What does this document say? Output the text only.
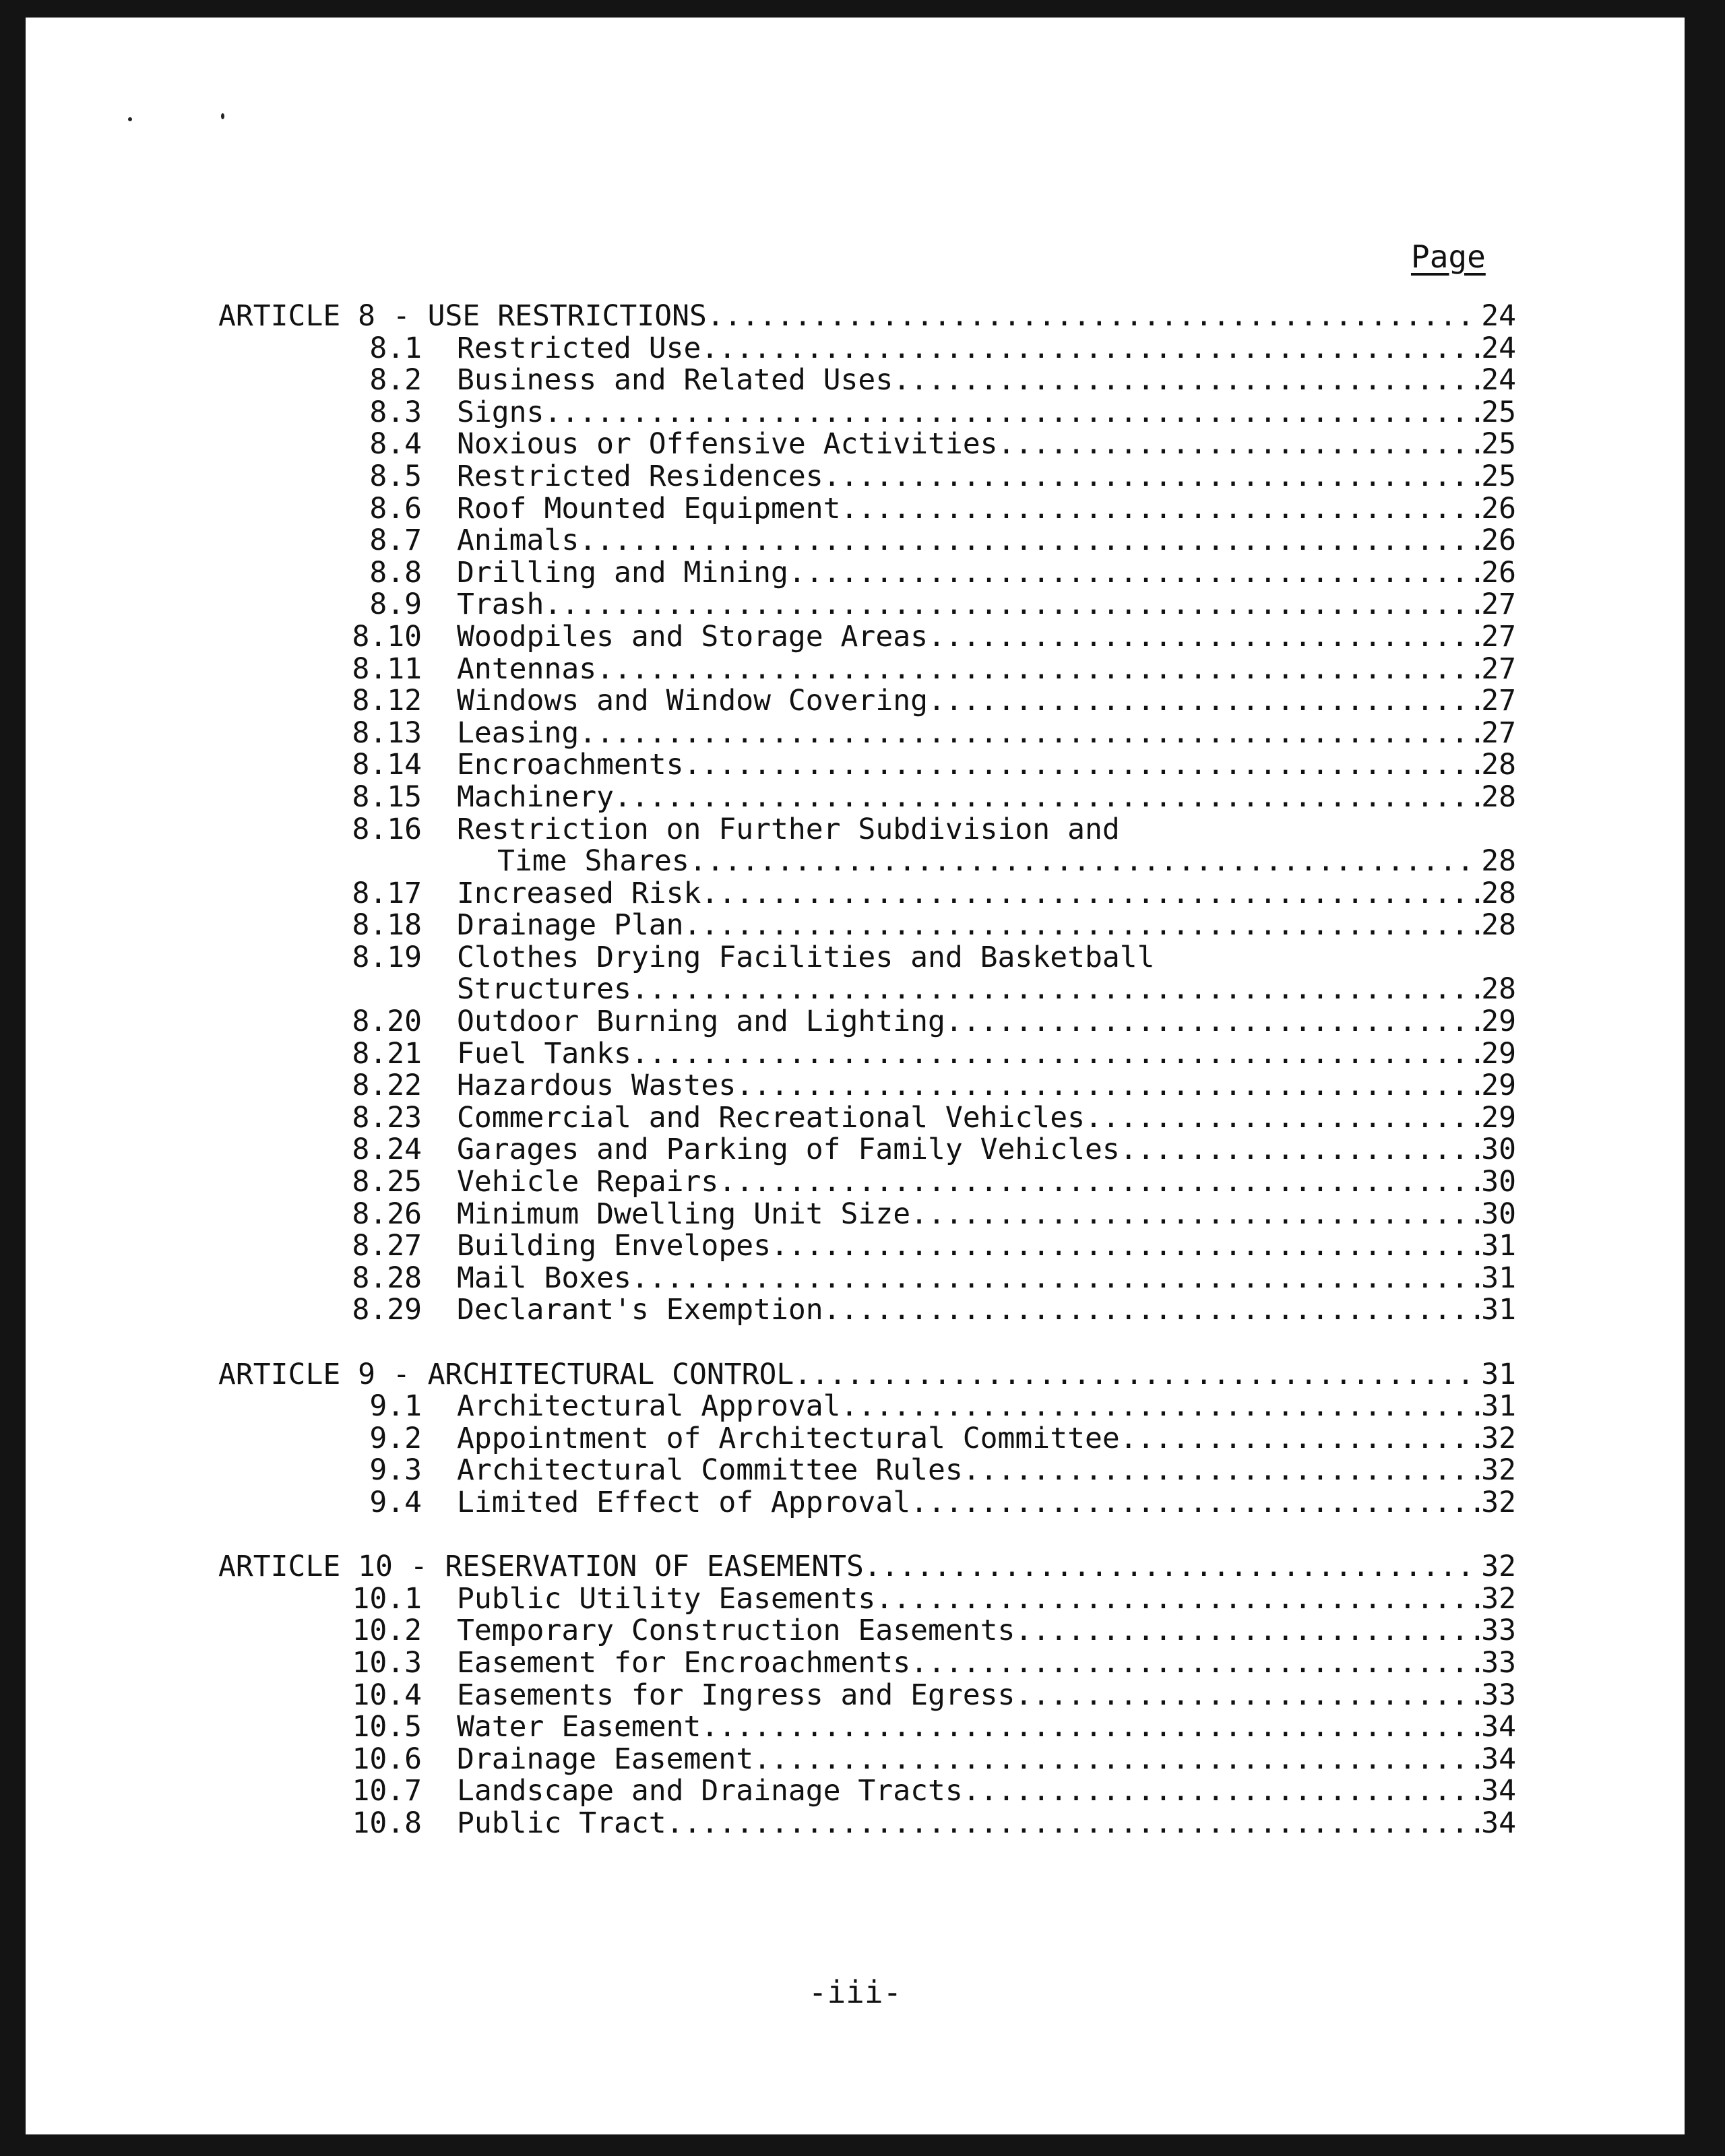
Page
ARTICLE 8 - USE RESTRICTIONS .....	24
8.1 Restricted Use .....	24
8.2 Business and Related Uses .....	24
8.3 Signs .....	25
8.4 Noxious or Offensive Activities .....	25
8.5 Restricted Residences .....	25
8.6 Roof Mounted Equipment .....	26
8.7 Animals .....	26
8.8 Drilling and Mining .....	26
8.9 Trash .....	27
8.10 Woodpiles and Storage Areas .....	27
8.11 Antennas .....	27
8.12 Windows and Window Covering .....	27
8.13 Leasing .....	27
8.14 Encroachments .....	28
8.15 Machinery .....	28
8.16 Restriction on Further Subdivision and
Time Shares .....	28
8.17 Increased Risk .....	28
8.18 Drainage Plan .....	28
8.19 Clothes Drying Facilities and Basketball
Structures .....	28
8.20 Outdoor Burning and Lighting .....	29
8.21 Fuel Tanks .....	29
8.22 Hazardous Wastes .....	29
8.23 Commercial and Recreational Vehicles .....	29
8.24 Garages and Parking of Family Vehicles .....	30
8.25 Vehicle Repairs .....	30
8.26 Minimum Dwelling Unit Size .....	30
8.27 Building Envelopes .....	31
8.28 Mail Boxes .....	31
8.29 Declarant's Exemption .....	31
ARTICLE 9 - ARCHITECTURAL CONTROL .....	31
9.1 Architectural Approval .....	31
9.2 Appointment of Architectural Committee .....	32
9.3 Architectural Committee Rules .....	32
9.4 Limited Effect of Approval .....	32
ARTICLE 10 - RESERVATION OF EASEMENTS .....	32
10.1 Public Utility Easements .....	32
10.2 Temporary Construction Easements .....	33
10.3 Easement for Encroachments .....	33
10.4 Easements for Ingress and Egress .....	33
10.5 Water Easement .....	34
10.6 Drainage Easement .....	34
10.7 Landscape and Drainage Tracts .....	34
10.8 Public Tract .....	34
-iii-
